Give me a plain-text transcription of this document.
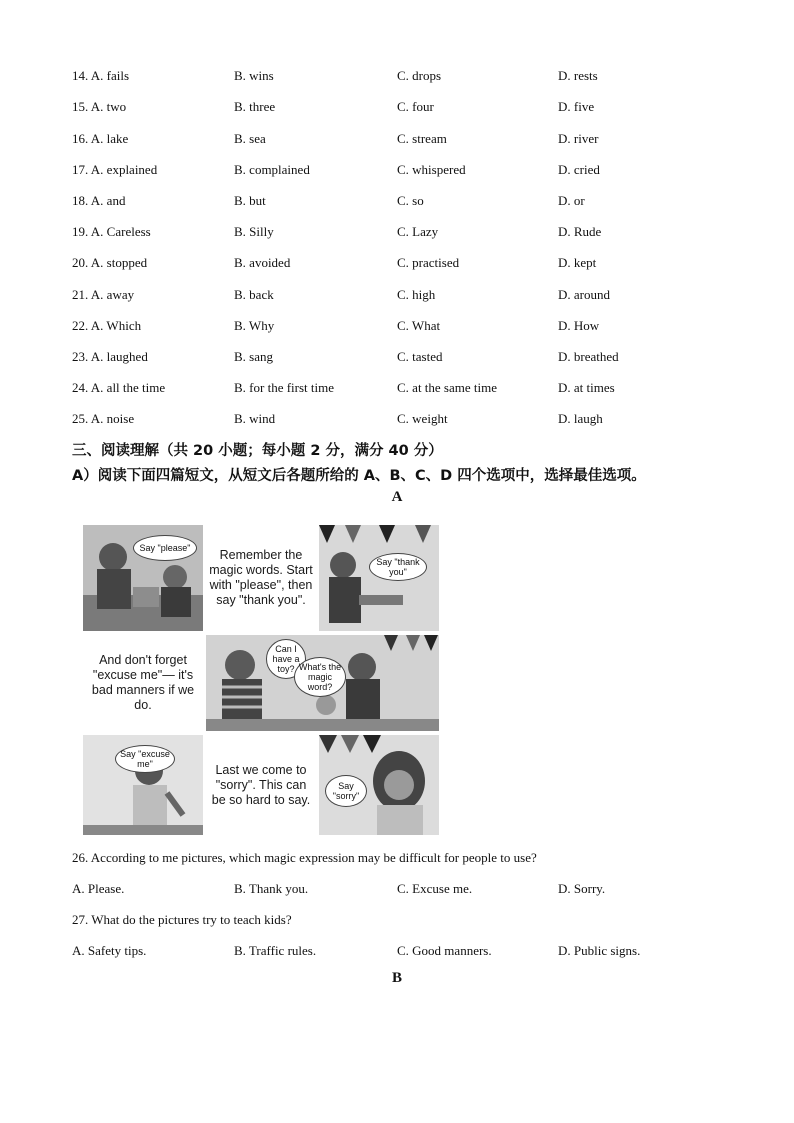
14. A. fails	B. wins	C. drops	D. rests
15. A. two	B. three	C. four	D. five
16. A. lake	B. sea	C. stream	D. river
17. A. explained	B. complained	C. whispered	D. cried
18. A. and	B. but	C. so	D. or
19. A. Careless	B. Silly	C. Lazy	D. Rude
20. A. stopped	B. avoided	C. practised	D. kept
21. A. away	B. back	C. high	D. around
22. A. Which	B. Why	C. What	D. How
23. A. laughed	B. sang	C. tasted	D. breathed
24. A. all the time	B. for the first time	C. at the same time	D. at times
25. A. noise	B. wind	C. weight	D. laugh
三、阅读理解（共 20 小题；每小题 2 分，满分 40 分）
A）阅读下面四篇短文，从短文后各题所给的 A、B、C、D 四个选项中，选择最佳选项。
A
Say "please"	Remember the magic words. Start with "please", then say "thank you".
Say "thank you"
And don't forget "excuse me"— it's bad manners if we do.
Can I have a toy? What's the magic word?
Say "excuse me"	Last we come to "sorry". This can be so hard to say.
Say "sorry"
26. According to me pictures, which magic expression may be difficult for people to use?
A. Please.	B. Thank you.	C. Excuse me.	D. Sorry.
27. What do the pictures try to teach kids?
A. Safety tips.	B. Traffic rules.	C. Good manners.	D. Public signs.
B
